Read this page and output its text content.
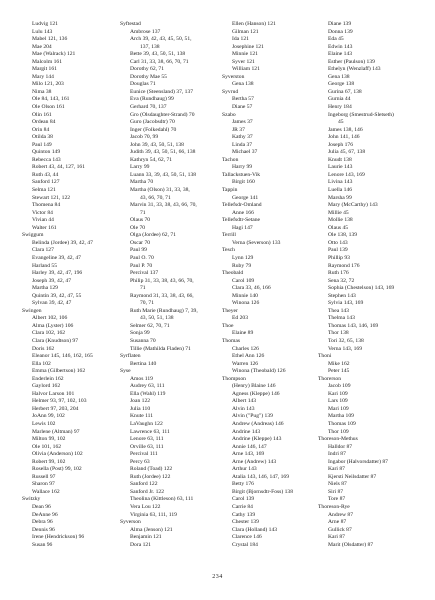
Ludvig 121
Lulu 143
Mabel 121, 136
Mae 204
Mae (Walrack) 121
Malcolm 161
Margit 161
Mary 144
Milo 121, 203
Nima 38
Ole 84, 143, 161
Ole Olson 161
Olin 161
Ordean 84
Orin 84
Otilda 38
Paul 149
Quinton 149
Rebecca 143
Robert 43, 44, 127, 161
Ruth 43, 44
Sanford 127
Selma 121
Stewart 121, 122
Thomena 84
Victor 84
Vivian 44
Walter 161
Swiggum
Belinda (Jordee) 39, 42, 47
Clara 127
Evangeline 39, 42, 47
Harland 55
Harley 39, 42, 47, 196
Joseph 39, 42, 47
Martha 129
Quintin 39, 42, 47, 55
Sylvan 39, 42, 47
Swingen
Albert 102, 106
Alma (Lyster) 106
Clara 102, 162
Clara (Knudtson) 97
Doris 162
Eleanor 145, 146, 162, 165
Ella 102
Emma (Gilbertson) 162
Enderlein 162
Gaylord 162
Halvor Larson 101
Helmer 93, 97, 102, 103
Herbert 97, 203, 204
JoAnn 99, 102
Lewis 102
Marlene (Altman) 97
Milton 99, 102
Ole 101, 162
Olivia (Anderson) 102
Robert 99, 102
Rosella (Post) 99, 102
Russell 97
Sharon 97
Wallace 162
Switzky
Dean 96
DeAnne 96
Debra 96
Dennis 96
Irene (Hendrickson) 96
Susan 96
Syftestad
Ambrose 137
Arch 39, 42, 43, 45, 50, 51,
137, 138
Bette 39, 43, 50, 51, 138
Carl 31, 33, 38, 66, 70, 71
Dorothy 62, 71
Dorothy Mae 55
Douglas 71
Eunice (Steensland) 37, 137
Eva (Rundhaug) 99
Gerhard 70, 137
Gro (Olsdaughter-Strand) 70
Guro (Jacobsdtr) 70
Inger (Folkedahl) 70
Jacob 70, 99
John 39, 43, 50, 51, 138
Judith 39, 43, 50, 51, 66, 138
Kathryn 54, 62, 71
Larry 99
Luann 33, 39, 43, 50, 51, 138
Martha 70
Martha (Olson) 31, 33, 38,
43, 66, 70, 71
Marvin 31, 33, 38, 43, 66, 70,
71
Olaus 70
Ole 70
Olga (Jordee) 62, 71
Oscar 70
Paul 99
Paul O. 70
Paul P. 70
Percival 137
Philip 31, 33, 38, 43, 66, 70,
71
Raymond 31, 33, 38, 43, 66,
70, 71
Ruth Marie (Rundhaug) 7, 39,
43, 50, 51, 138
Selmer 62, 70, 71
Sonja 99
Susanna 70
Tillie (Mathilda Fladen) 71
Syrflaten
Bertina 140
Syse
Amos 119
Audrey 63, 111
Ella (Wahl) 119
Joan 122
Julia 110
Knute 111
LaVaughn 122
Lawrence 63, 111
Lenore 63, 111
Orville 63, 111
Percival 111
Percy 63
Roland (Toad) 122
Ruth (Jordee) 122
Sanford 122
Sanford Jr. 122
Theolina (Kittleson) 63, 111
Vera Lou 122
Virginia 63, 111, 119
Syverson
Alma (Jenson) 121
Benjamin 121
Dora 121
Ellen (Hanson) 121
Gilman 121
Ida 121
Josephine 121
Minnie 121
Syver 121
William 121
Syverston
Gena 138
Syvrud
Bertha 57
Diane 57
Szabo
James 37
JR 37
Kathy 37
Linda 37
Michael 37
Tachon
Harry 99
Tallackstuen-Vik
Birgit 160
Tappin
George 141
Tellefsdr-Omland
Anne 166
Tellefsdtr-Setane
Hagi 147
Terrill
Verna (Severson) 133
Tesch
Lynn 129
Ruby 79
Theobald
Carol 109
Clara 33, 46, 166
Minnie 140
Winona 126
Theyer
Ed 203
Thoe
Elaine 89
Thomas
Charles 126
Ethel Ann 126
Warren 126
Winona (Theobald) 126
Thompson
(Henry) Blaine 146
Agness (Kleppe) 146
Albert 143
Alvin 143
Alvin ("Pug") 139
Andrew (Andreas) 146
Andrine 143
Andrine (Kleppe) 143
Annie 146, 147
Arne 143, 169
Arne (Andrew) 143
Arthur 143
Atalia 143, 146, 147, 169
Betty 176
Birgit (Bjornsdtr-Foss) 138
Carol 139
Carrie 84
Cathy 139
Chester 139
Clara (Holland) 143
Clarence 146
Crystal 184
Diane 139
Donna 139
Eda 45
Edwin 143
Elaine 143
Esther (Paulson) 139
Ethelyn (Wenzlaff) 143
Gena 138
George 138
Gurina 67, 138
Gurnia 44
Henry 184
Ingeborg (Smestrud-Sletseth)
45
James 138, 146
John 141, 146
Joseph 176
Julia 45, 67, 138
Knudt 138
Laurie 143
Lenore 143, 169
Livina 143
Luella 146
Marsha 99
Mary (McCarthy) 143
Millie 45
Mollie 138
Olaus 45
Ole 138, 139
Otto 143
Paul 139
Phillip 93
Raymond 176
Ruth 176
Sena 32, 72
Sophia (Chestelson) 143, 169
Stephen 143
Sylvia 143, 169
Thea 143
Thelma 143
Thomas 143, 146, 169
Thor 138
Tori 32, 65, 138
Verna 143, 169
Thoni
Mike 162
Peter 145
Thorerson
Jacob 109
Kari 109
Lars 109
Mari 109
Martha 109
Thomas 109
Thor 109
Thoreson-Methus
Halldor 87
Indri 87
Ingabor (Halvorsdatter) 87
Kari 87
Kjersti Neilsdatter 87
Niels 87
Siri 87
Tore 87
Thoreson-Rye
Andrew 87
Arne 87
Gullick 87
Kari 87
Marit (Olsdatter) 87
234
